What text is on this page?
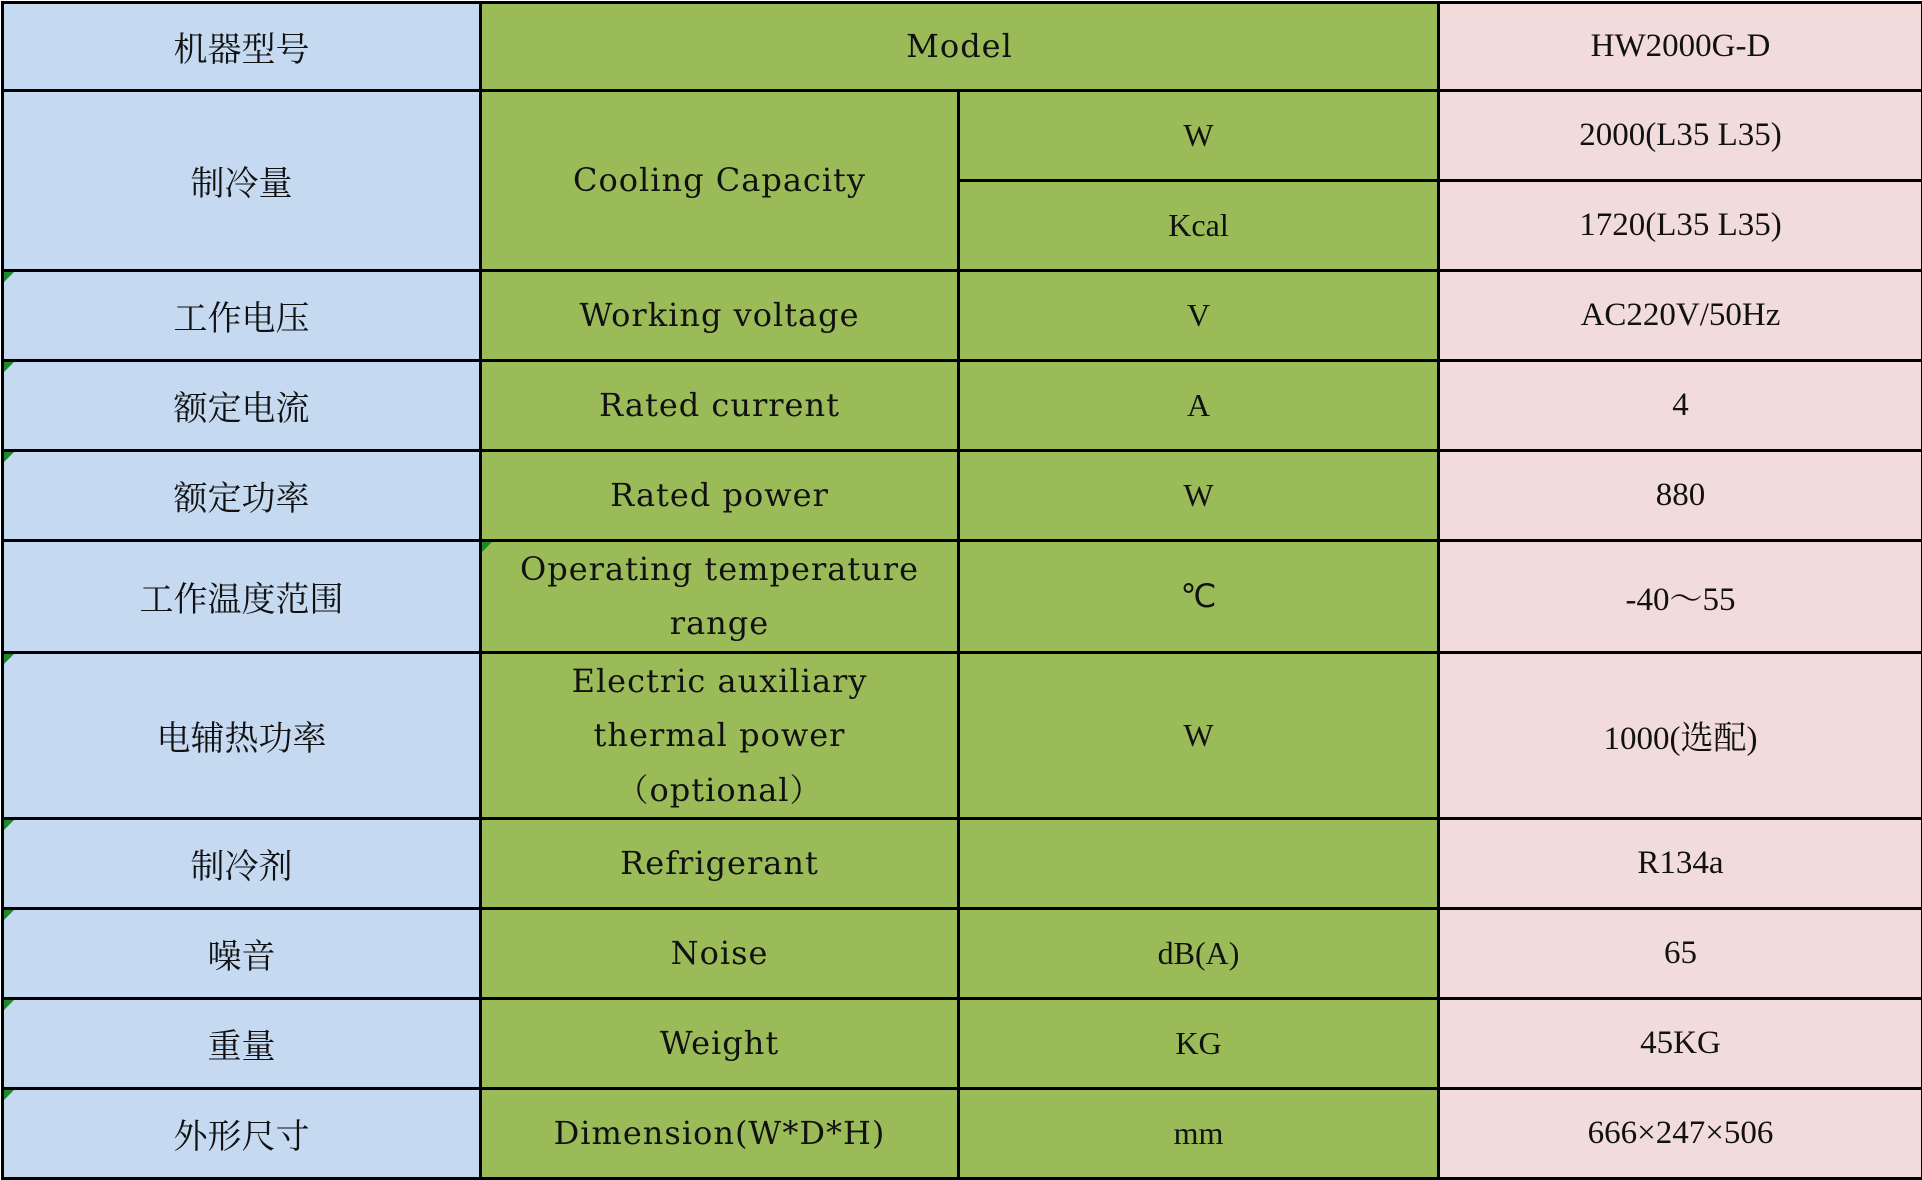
机器型号	Model		HW2000G-D
制冷量	Cooling Capacity	W	2000(L35 L35)
		Kcal	1720(L35 L35)

工作电压	Working voltage	V	AC220V/50Hz

额定电流	Rated current	A	4

额定功率	Rated power	W	880
工作温度范围	Operating temperature range	℃	-40～55

电辅热功率	Electric auxiliary thermal power（optional）	W	1000(选配)

制冷剂	Refrigerant		R134a

噪音	Noise	dB(A)	65

重量	Weight	KG	45KG

外形尺寸	Dimension(W*D*H)	mm	666×247×506
